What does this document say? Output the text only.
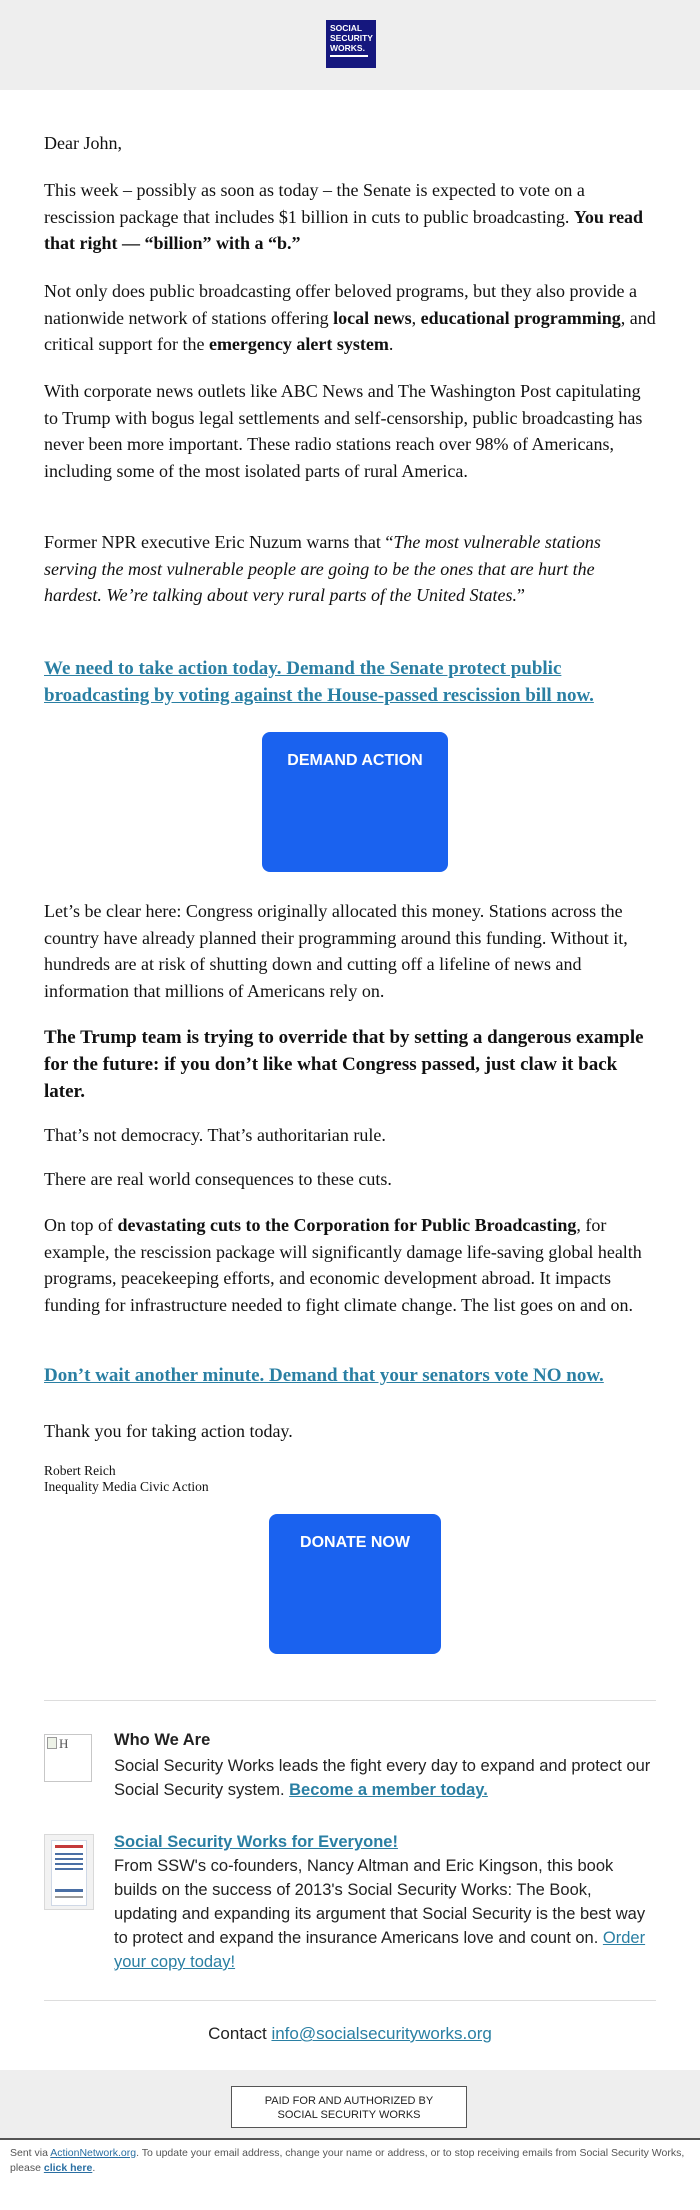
SOCIAL
SECURITY
WORKS.

Dear John,

This week – possibly as soon as today – the Senate is expected to vote on a rescission package that includes $1 billion in cuts to public broadcasting. You read that right — “billion” with a “b.”

Not only does public broadcasting offer beloved programs, but they also provide a nationwide network of stations offering local news, educational programming, and critical support for the emergency alert system.

With corporate news outlets like ABC News and The Washington Post capitulating to Trump with bogus legal settlements and self-censorship, public broadcasting has never been more important. These radio stations reach over 98% of Americans, including some of the most isolated parts of rural America.

Former NPR executive Eric Nuzum warns that “The most vulnerable stations serving the most vulnerable people are going to be the ones that are hurt the hardest. We’re talking about very rural parts of the United States.”

We need to take action today. Demand the Senate protect public broadcasting by voting against the House-passed rescission bill now.
DEMAND ACTION

Let’s be clear here: Congress originally allocated this money. Stations across the country have already planned their programming around this funding. Without it, hundreds are at risk of shutting down and cutting off a lifeline of news and information that millions of Americans rely on.

The Trump team is trying to override that by setting a dangerous example for the future: if you don’t like what Congress passed, just claw it back later.

That’s not democracy. That’s authoritarian rule.

There are real world consequences to these cuts.

On top of devastating cuts to the Corporation for Public Broadcasting, for example, the rescission package will significantly damage life-saving global health programs, peacekeeping efforts, and economic development abroad. It impacts funding for infrastructure needed to fight climate change. The list goes on and on.

Don’t wait another minute. Demand that your senators vote NO now.

Thank you for taking action today.

Robert Reich
Inequality Media Civic Action
DONATE NOW
H	Who We Are
Social Security Works leads the fight every day to expand and protect our Social Security system. Become a member today.
Social Security Works for Everyone!
From SSW's co-founders, Nancy Altman and Eric Kingson, this book builds on the success of 2013's Social Security Works: The Book, updating and expanding its argument that Social Security is the best way to protect and expand the insurance Americans love and count on. Order your copy today!
Contact info@socialsecurityworks.org
PAID FOR AND AUTHORIZED BY
SOCIAL SECURITY WORKS
Sent via ActionNetwork.org. To update your email address, change your name or address, or to stop receiving emails from Social Security Works, please click here.
